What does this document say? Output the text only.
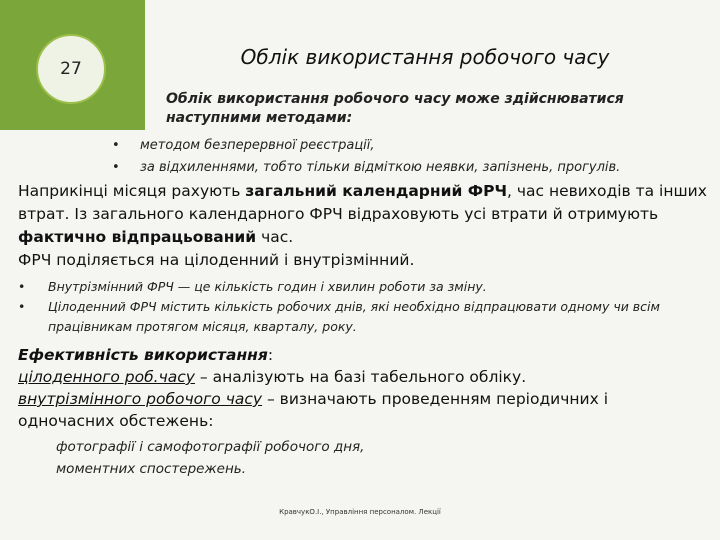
27	Облік використання робочого часу
Облік використання робочого часу може здійснюватися наступними методами:
• методом безперервної реєстрації,
• за відхиленнями, тобто тільки відміткою неявки, запізнень, прогулів.

Наприкінці місяця рахують загальний календарний ФРЧ, час невиходів та інших втрат. Із загального календарного ФРЧ відраховують усі втрати й отримують фактично відпрацьований час.

ФРЧ поділяється на цілоденний і внутрізмінний.

•	Внутрізмінний ФРЧ — це кількість годин і хвилин роботи за зміну.
•	Цілоденний ФРЧ містить кількість робочих днів, які необхідно відпрацювати одному чи всім працівникам протягом місяця, кварталу, року.

Ефективність використання:

цілоденного роб.часу – аналізують на базі табельного обліку.

внутрізмінного робочого часу – визначають проведенням періодичних і одночасних обстежень:

фотографії і самофотографії робочого дня,
моментних спостережень.
КравчукО.І., Управління персоналом. Лекції
